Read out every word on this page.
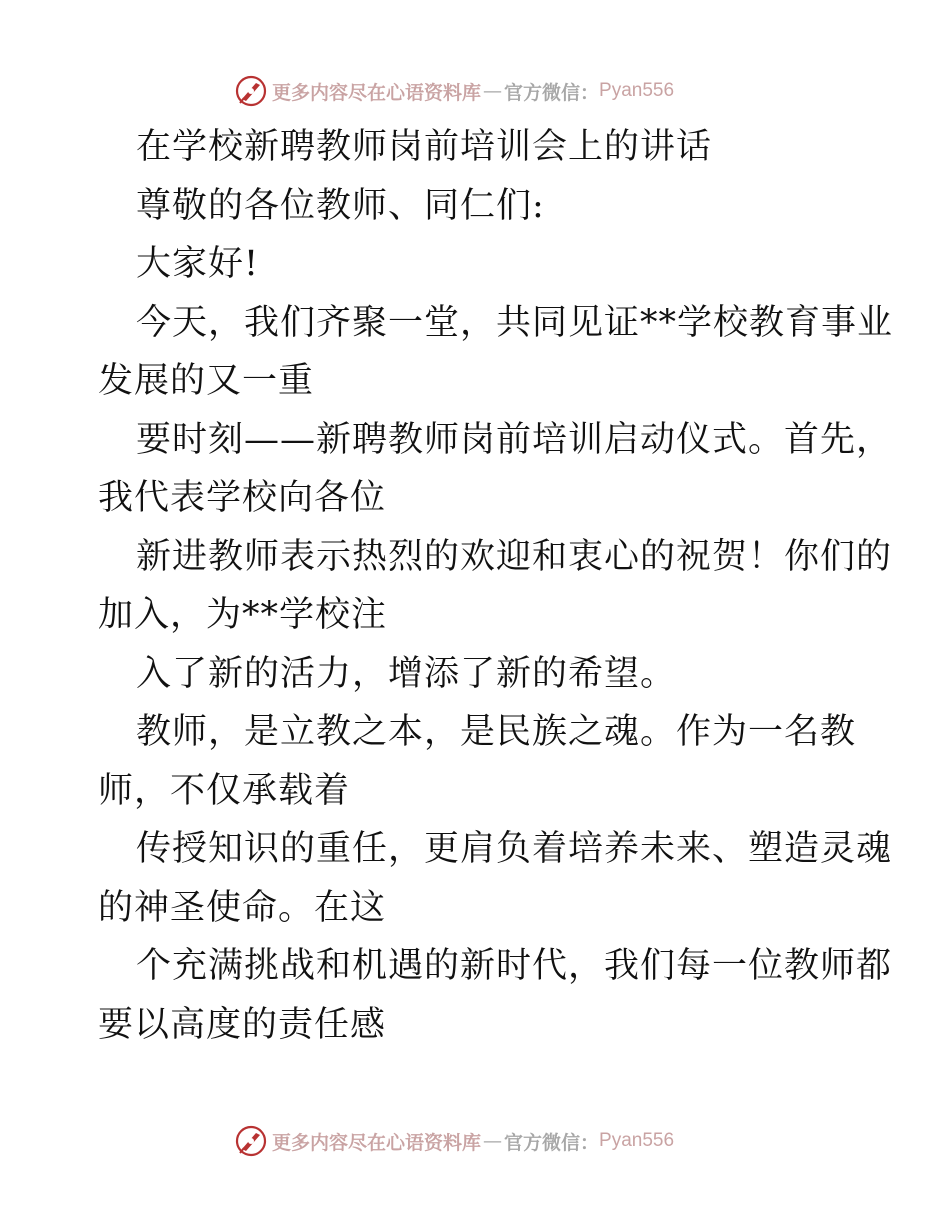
更多内容尽在心语资料库 — 官方微信： Pyan556
在学校新聘教师岗前培训会上的讲话
尊敬的各位教师、同仁们:
大家好!
今天，我们齐聚一堂，共同见证**学校教育事业
发展的又一重
要时刻——新聘教师岗前培训启动仪式。首先，
我代表学校向各位
新进教师表示热烈的欢迎和衷心的祝贺！你们的
加入，为**学校注
入了新的活力，增添了新的希望。
教师，是立教之本，是民族之魂。作为一名教
师，不仅承载着
传授知识的重任，更肩负着培养未来、塑造灵魂
的神圣使命。在这
个充满挑战和机遇的新时代，我们每一位教师都
要以高度的责任感
更多内容尽在心语资料库 — 官方微信： Pyan556
